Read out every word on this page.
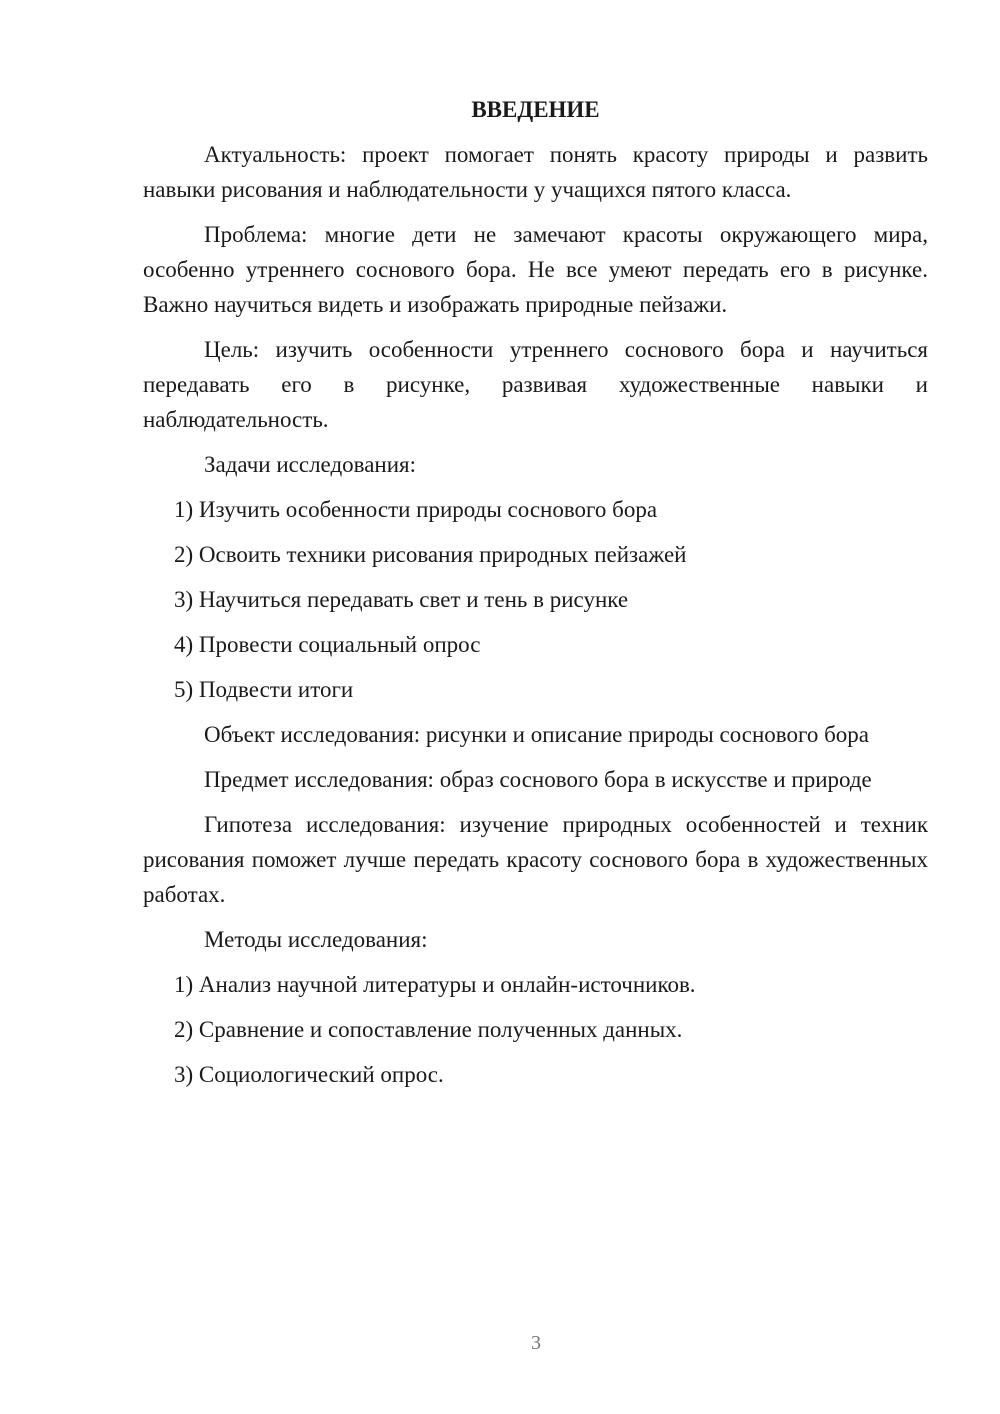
ВВЕДЕНИЕ
Актуальность: проект помогает понять красоту природы и развить навыки рисования и наблюдательности у учащихся пятого класса.
Проблема: многие дети не замечают красоты окружающего мира, особенно утреннего соснового бора. Не все умеют передать его в рисунке. Важно научиться видеть и изображать природные пейзажи.
Цель: изучить особенности утреннего соснового бора и научиться передавать его в рисунке, развивая художественные навыки и наблюдательность.
Задачи исследования:
1) Изучить особенности природы соснового бора
2) Освоить техники рисования природных пейзажей
3) Научиться передавать свет и тень в рисунке
4) Провести социальный опрос
5) Подвести итоги
Объект исследования: рисунки и описание природы соснового бора
Предмет исследования: образ соснового бора в искусстве и природе
Гипотеза исследования: изучение природных особенностей и техник рисования поможет лучше передать красоту соснового бора в художественных работах.
Методы исследования:
1) Анализ научной литературы и онлайн-источников.
2) Сравнение и сопоставление полученных данных.
3) Социологический опрос.
3
